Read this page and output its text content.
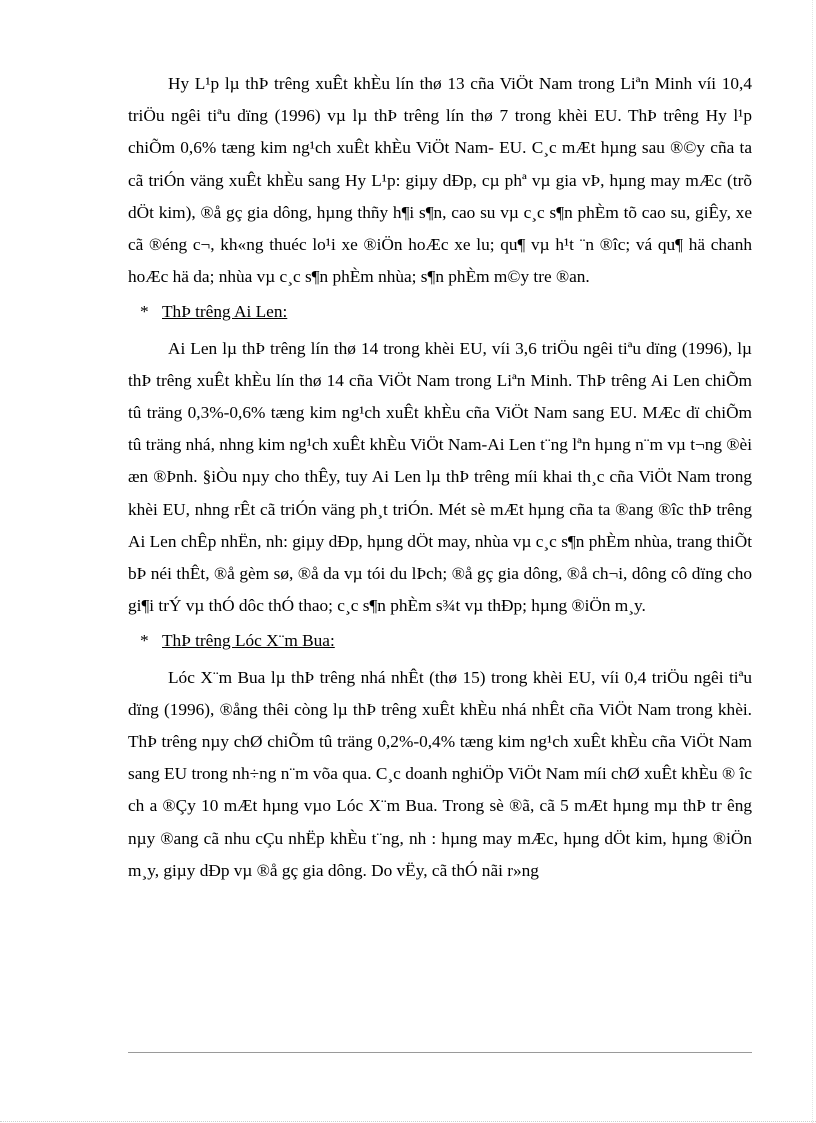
Hy L¹p lµ thÞ trêng xuÊt khÈu lín thø 13 cña ViÖt Nam trong Liªn Minh víi 10,4 triÖu ngêi tiªu dïng (1996) vµ lµ thÞ trêng lín thø 7 trong khèi EU. ThÞ trêng Hy l¹p chiÕm 0,6% tæng kim ng¹ch xuÊt khÈu ViÖt Nam- EU. C¸c mÆt hµng sau ®©y cña ta cã triÓn väng xuÊt khÈu sang Hy L¹p: giµy dÐp, cµ phª vµ gia vÞ, hµng may mÆc (trõ dÖt kim), ®å gç gia dông, hµng thñy h¶i s¶n, cao su vµ c¸c s¶n phÈm tõ cao su, giÊy, xe cã ®éng c¬, kh«ng thuéc lo¹i xe ®iÖn hoÆc xe lu; qu¶ vµ h¹t ¨n ®îc; vá qu¶ hä chanh hoÆc hä da; nhùa vµ c¸c s¶n phÈm nhùa; s¶n phÈm m©y tre ®an.

* ThÞ trêng Ai Len:

Ai Len lµ thÞ trêng lín thø 14 trong khèi EU, víi 3,6 triÖu ngêi tiªu dïng (1996), lµ thÞ trêng xuÊt khÈu lín thø 14 cña ViÖt Nam trong Liªn Minh. ThÞ trêng Ai Len chiÕm tû träng 0,3%-0,6% tæng kim ng¹ch xuÊt khÈu cña ViÖt Nam sang EU. MÆc dï chiÕm tû träng nhá, nhng kim ng¹ch xuÊt khÈu ViÖt Nam-Ai Len t¨ng lªn hµng n¨m vµ t¬ng ®èi æn ®Þnh. §iÒu nµy cho thÊy, tuy Ai Len lµ thÞ trêng míi khai th¸c cña ViÖt Nam trong khèi EU, nhng rÊt cã triÓn väng ph¸t triÓn. Mét sè mÆt hµng cña ta ®ang ®îc thÞ trêng Ai Len chÊp nhËn, nh: giµy dÐp, hµng dÖt may, nhùa vµ c¸c s¶n phÈm nhùa, trang thiÕt bÞ néi thÊt, ®å gèm sø, ®å da vµ tói du lÞch; ®å gç gia dông, ®å ch¬i, dông cô dïng cho gi¶i trÝ vµ thÓ dôc thÓ thao; c¸c s¶n phÈm s¾t vµ thÐp; hµng ®iÖn m¸y.

* ThÞ trêng Lóc X¨m Bua:

Lóc X¨m Bua lµ thÞ trêng nhá nhÊt (thø 15) trong khèi EU, víi 0,4 triÖu ngêi tiªu dïng (1996), ®ång thêi còng lµ thÞ trêng xuÊt khÈu nhá nhÊt cña ViÖt Nam trong khèi. ThÞ trêng nµy chØ chiÕm tû träng 0,2%-0,4% tæng kim ng¹ch xuÊt khÈu cña ViÖt Nam sang EU trong nh÷ng n¨m võa qua. C¸c doanh nghiÖp ViÖt Nam míi chØ xuÊt khÈu ® îc ch a ®Çy 10 mÆt hµng vµo Lóc X¨m Bua. Trong sè ®ã, cã 5 mÆt hµng mµ thÞ tr êng nµy ®ang cã nhu cÇu nhËp khÈu t¨ng, nh : hµng may mÆc, hµng dÖt kim, hµng ®iÖn m¸y, giµy dÐp vµ ®å gç gia dông. Do vËy, cã thÓ nãi r»ng
